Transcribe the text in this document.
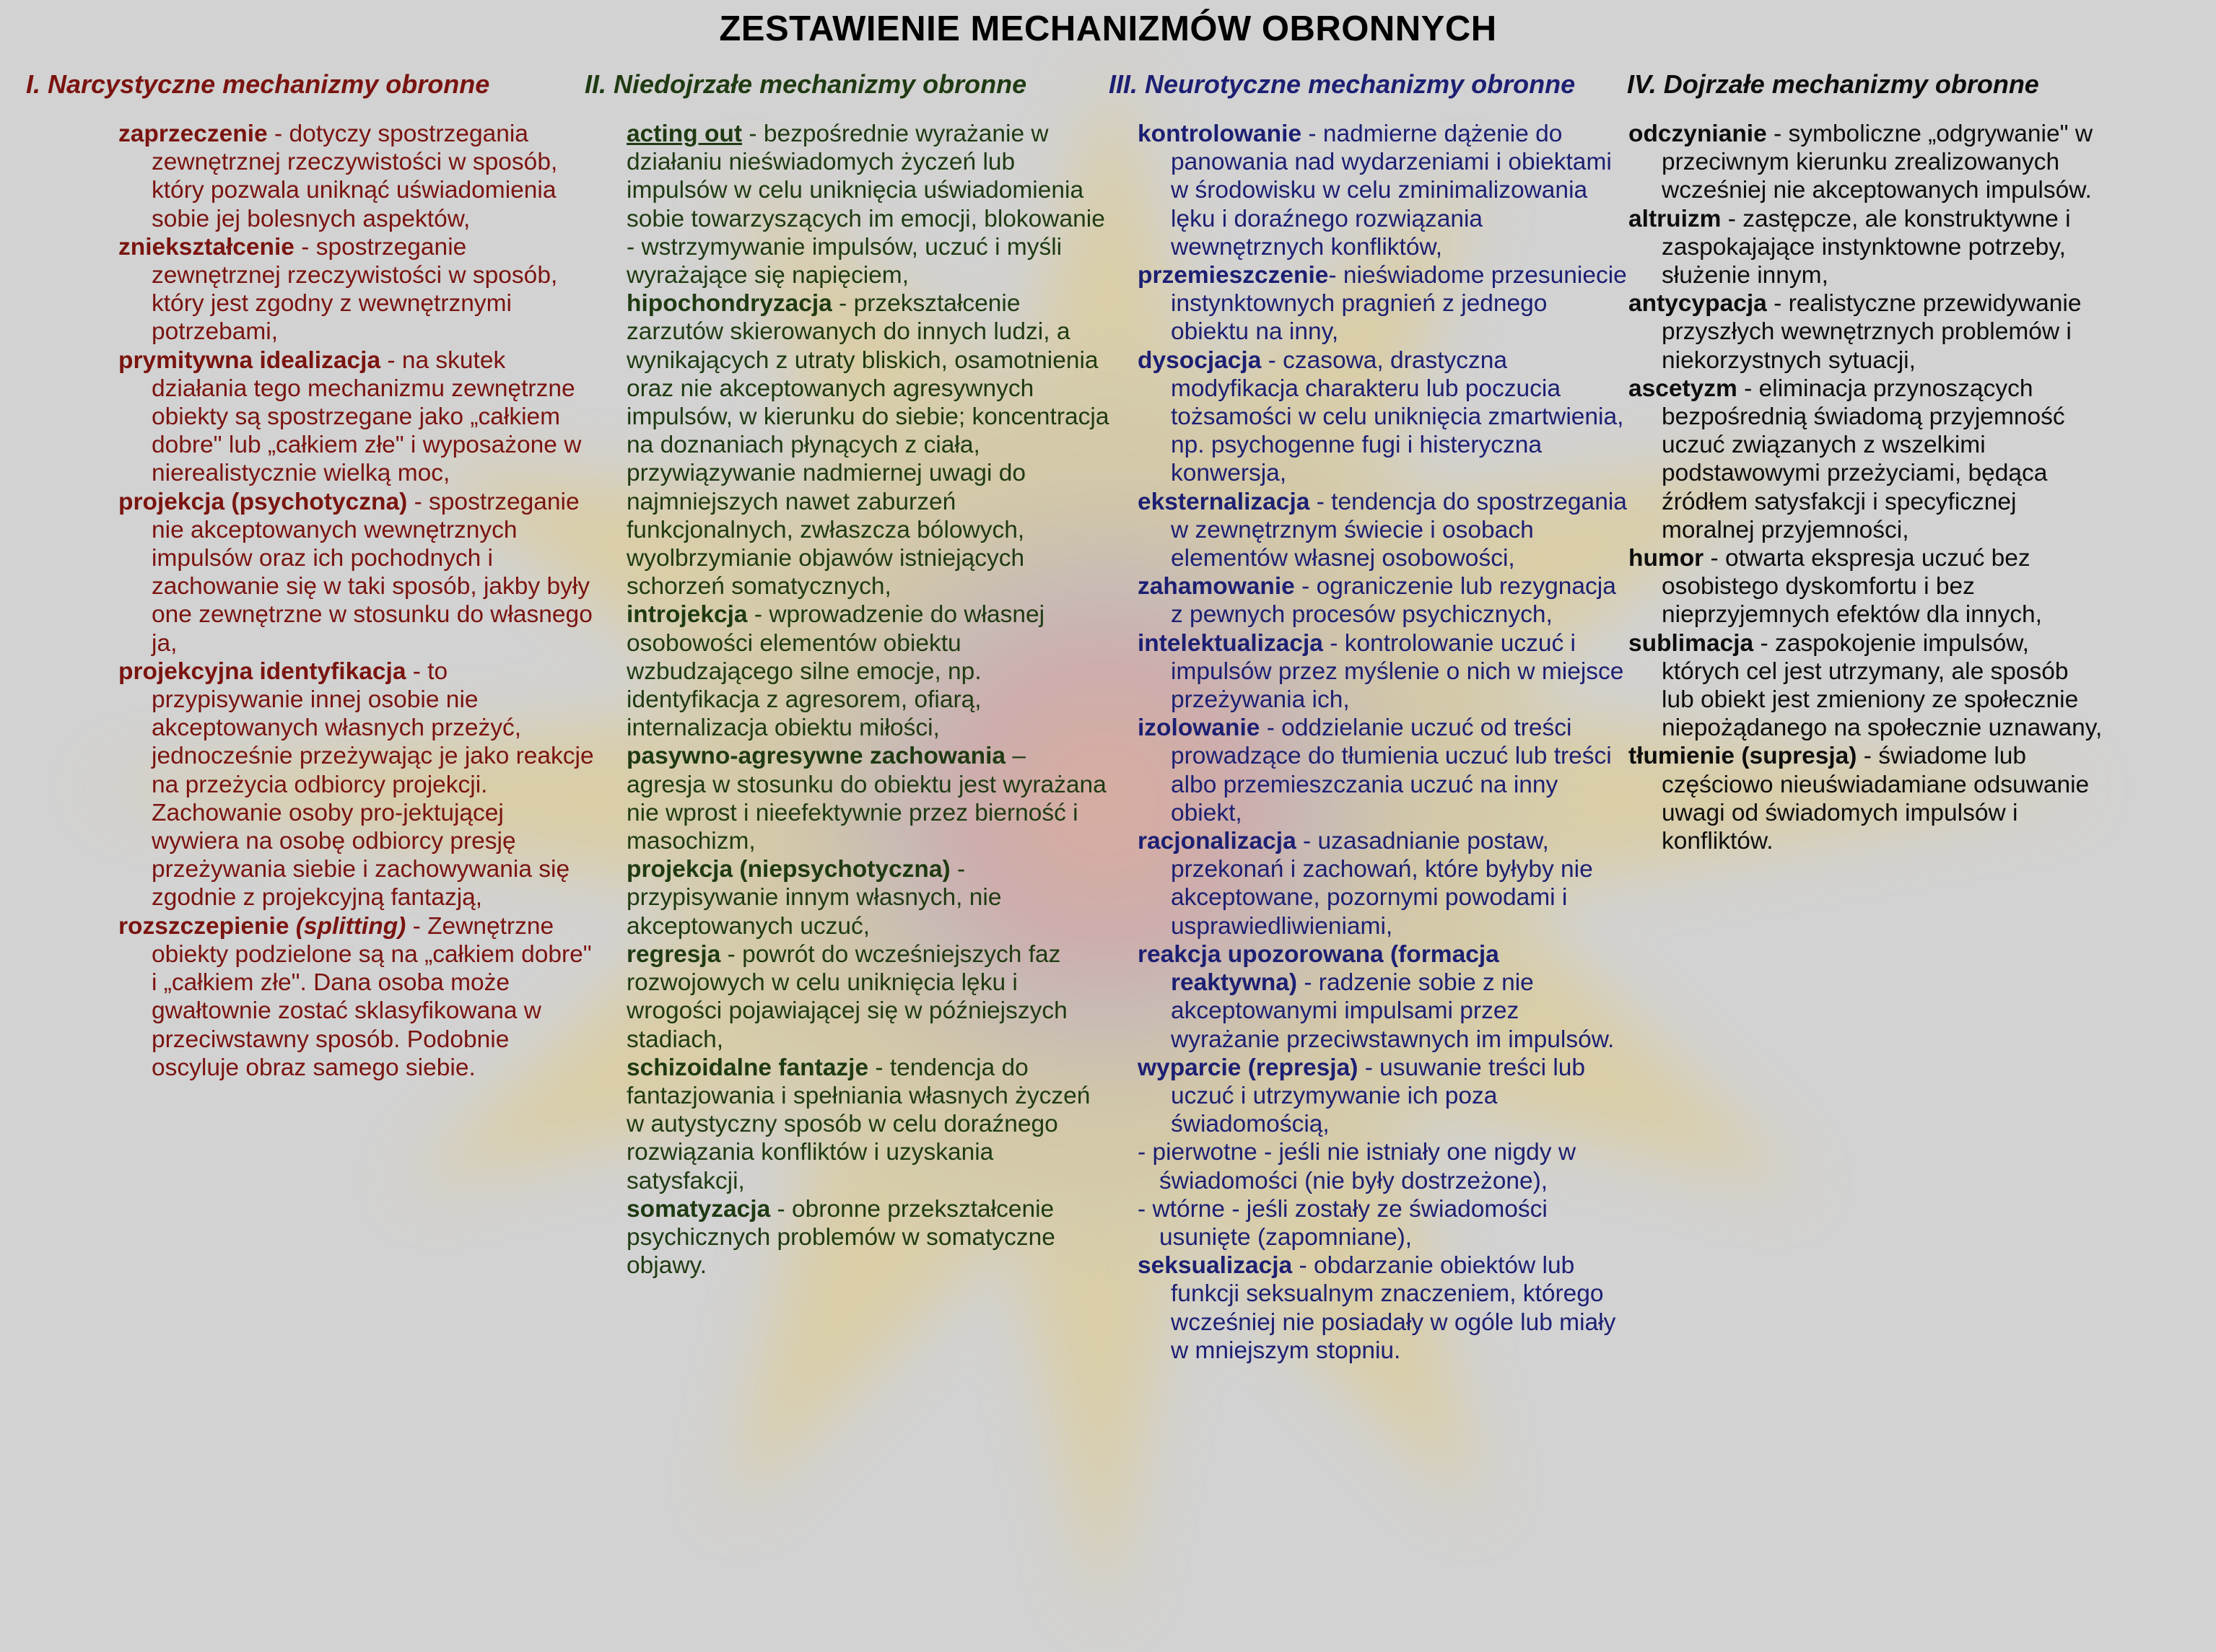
ZESTAWIENIE MECHANIZMÓW OBRONNYCH

I. Narcystyczne mechanizmy obronne

zaprzeczenie - dotyczy spostrzegania zewnętrznej rzeczywistości w sposób, który pozwala uniknąć uświadomienia sobie jej bolesnych aspektów,

zniekształcenie - spostrzeganie zewnętrznej rzeczywistości w sposób, który jest zgodny z wewnętrznymi potrzebami,

prymitywna idealizacja - na skutek działania tego mechanizmu zewnętrzne obiekty są spostrzegane jako „całkiem dobre" lub „całkiem złe" i wyposażone w nierealistycznie wielką moc,

projekcja (psychotyczna) - spostrzeganie nie akceptowanych wewnętrznych impulsów oraz ich pochodnych i zachowanie się w taki sposób, jakby były one zewnętrzne w stosunku do własnego ja,

projekcyjna identyfikacja - to przypisywanie innej osobie nie akceptowanych własnych przeżyć, jednocześnie przeżywając je jako reakcje na przeżycia odbiorcy projekcji. Zachowanie osoby pro-jektującej wywiera na osobę odbiorcy presję przeżywania siebie i zachowywania się zgodnie z projekcyjną fantazją,

rozszczepienie (splitting) - Zewnętrzne obiekty podzielone są na „całkiem dobre" i „całkiem złe". Dana osoba może gwałtownie zostać sklasyfikowana w przeciwstawny sposób. Podobnie oscyluje obraz samego siebie.

II. Niedojrzałe mechanizmy obronne

acting out - bezpośrednie wyrażanie w działaniu nieświadomych życzeń lub impulsów w celu uniknięcia uświadomienia sobie towarzyszących im emocji, blokowanie - wstrzymywanie impulsów, uczuć i myśli wyrażające się napięciem,

hipochondryzacja - przekształcenie zarzutów skierowanych do innych ludzi, a wynikających z utraty bliskich, osamotnienia oraz nie akceptowanych agresywnych impulsów, w kierunku do siebie; koncentracja na doznaniach płynących z ciała, przywiązywanie nadmiernej uwagi do najmniejszych nawet zaburzeń funkcjonalnych, zwłaszcza bólowych, wyolbrzymianie objawów istniejących schorzeń somatycznych,

introjekcja - wprowadzenie do własnej osobowości elementów obiektu wzbudzającego silne emocje, np. identyfikacja z agresorem, ofiarą, internalizacja obiektu miłości,

pasywno-agresywne zachowania – agresja w stosunku do obiektu jest wyrażana nie wprost i nieefektywnie przez bierność i masochizm,

projekcja (niepsychotyczna) - przypisywanie innym własnych, nie akceptowanych uczuć,

regresja - powrót do wcześniejszych faz rozwojowych w celu uniknięcia lęku i wrogości pojawiającej się w późniejszych stadiach,

schizoidalne fantazje - tendencja do fantazjowania i spełniania własnych życzeń w autystyczny sposób w celu doraźnego rozwiązania konfliktów i uzyskania satysfakcji,

somatyzacja - obronne przekształcenie psychicznych problemów w somatyczne objawy.

III. Neurotyczne mechanizmy obronne

kontrolowanie - nadmierne dążenie do panowania nad wydarzeniami i obiektami w środowisku w celu zminimalizowania lęku i doraźnego rozwiązania wewnętrznych konfliktów,

przemieszczenie- nieświadome przesuniecie instynktownych pragnień z jednego obiektu na inny,

dysocjacja - czasowa, drastyczna modyfikacja charakteru lub poczucia tożsamości w celu uniknięcia zmartwienia, np. psychogenne fugi i histeryczna konwersja,

eksternalizacja - tendencja do spostrzegania w zewnętrznym świecie i osobach elementów własnej osobowości,

zahamowanie - ograniczenie lub rezygnacja z pewnych procesów psychicznych,

intelektualizacja - kontrolowanie uczuć i impulsów przez myślenie o nich w miejsce przeżywania ich,

izolowanie - oddzielanie uczuć od treści prowadzące do tłumienia uczuć lub treści albo przemieszczania uczuć na inny obiekt,

racjonalizacja - uzasadnianie postaw, przekonań i zachowań, które byłyby nie akceptowane, pozornymi powodami i usprawiedliwieniami,

reakcja upozorowana (formacja reaktywna) - radzenie sobie z nie akceptowanymi impulsami przez wyrażanie przeciwstawnych im impulsów.

wyparcie (represja) - usuwanie treści lub uczuć i utrzymywanie ich poza świadomością,

- pierwotne - jeśli nie istniały one nigdy w świadomości (nie były dostrzeżone),

- wtórne - jeśli zostały ze świadomości usunięte (zapomniane),

seksualizacja - obdarzanie obiektów lub funkcji seksualnym znaczeniem, którego wcześniej nie posiadały w ogóle lub miały w mniejszym stopniu.

IV. Dojrzałe mechanizmy obronne

odczynianie - symboliczne „odgrywanie" w przeciwnym kierunku zrealizowanych wcześniej nie akceptowanych impulsów.

altruizm - zastępcze, ale konstruktywne i zaspokajające instynktowne potrzeby, służenie innym,

antycypacja - realistyczne przewidywanie przyszłych wewnętrznych problemów i niekorzystnych sytuacji,

ascetyzm - eliminacja przynoszących bezpośrednią świadomą przyjemność uczuć związanych z wszelkimi podstawowymi przeżyciami, będąca źródłem satysfakcji i specyficznej moralnej przyjemności,

humor - otwarta ekspresja uczuć bez osobistego dyskomfortu i bez nieprzyjemnych efektów dla innych,

sublimacja - zaspokojenie impulsów, których cel jest utrzymany, ale sposób lub obiekt jest zmieniony ze społecznie niepożądanego na społecznie uznawany,

tłumienie (supresja) - świadome lub częściowo nieuświadamiane odsuwanie uwagi od świadomych impulsów i konfliktów.
